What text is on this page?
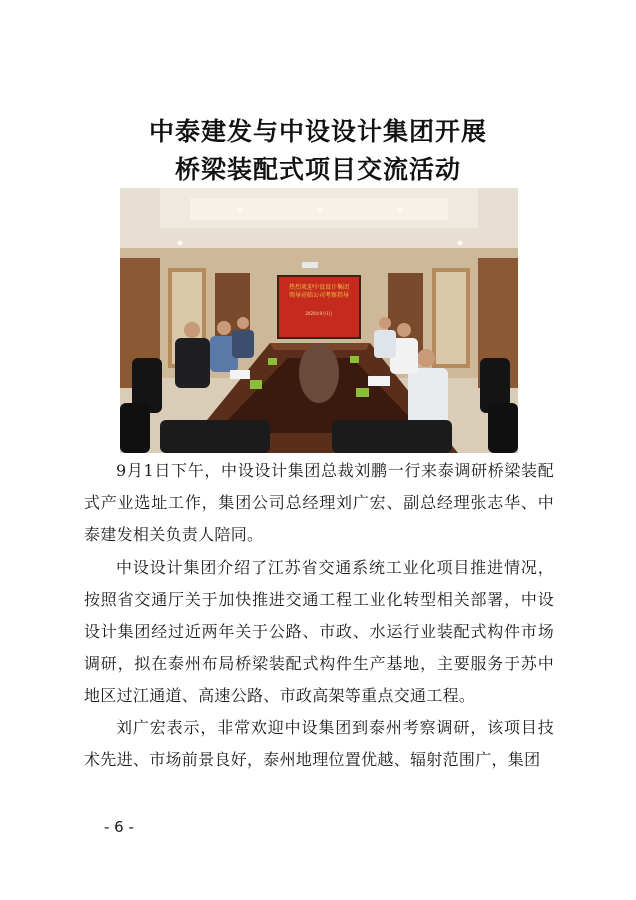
中泰建发与中设设计集团开展
桥梁装配式项目交流活动
热烈欢迎中设设计集团
领导莅临公司考察指导
2020年9月1日

9月1日下午，中设设计集团总裁刘鹏一行来泰调研桥梁装配式产业选址工作，集团公司总经理刘广宏、副总经理张志华、中泰建发相关负责人陪同。

中设设计集团介绍了江苏省交通系统工业化项目推进情况，按照省交通厅关于加快推进交通工程工业化转型相关部署，中设设计集团经过近两年关于公路、市政、水运行业装配式构件市场调研，拟在泰州布局桥梁装配式构件生产基地，主要服务于苏中地区过江通道、高速公路、市政高架等重点交通工程。

刘广宏表示，非常欢迎中设集团到泰州考察调研，该项目技术先进、市场前景良好，泰州地理位置优越、辐射范围广，集团

- 6 -
